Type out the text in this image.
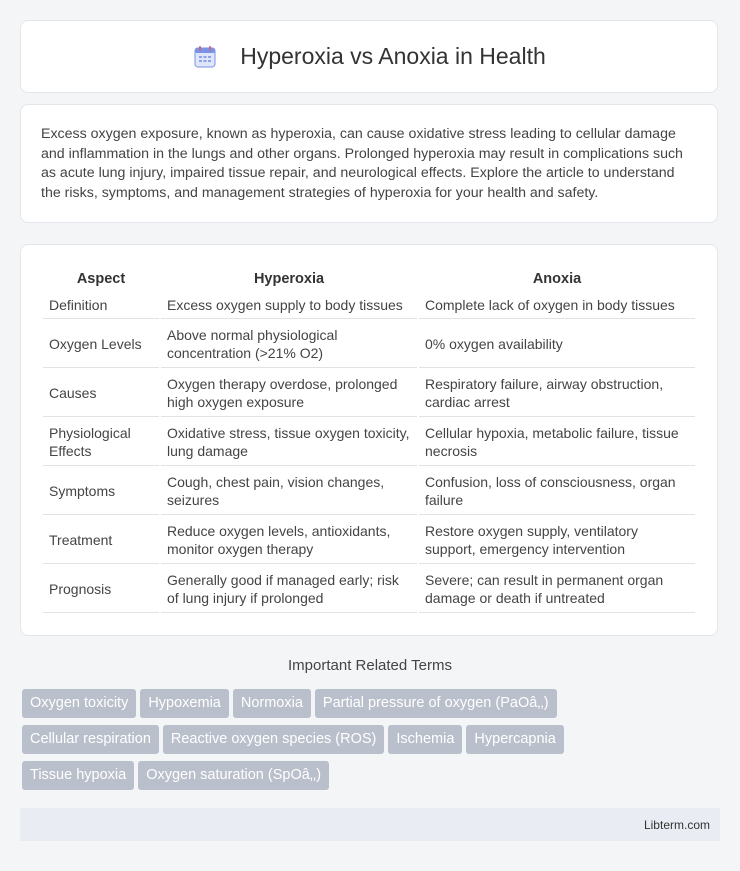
Hyperoxia vs Anoxia in Health

Excess oxygen exposure, known as hyperoxia, can cause oxidative stress leading to cellular damage and inflammation in the lungs and other organs. Prolonged hyperoxia may result in complications such as acute lung injury, impaired tissue repair, and neurological effects. Explore the article to understand the risks, symptoms, and management strategies of hyperoxia for your health and safety.

Aspect	Hyperoxia	Anoxia
Definition	Excess oxygen supply to body tissues	Complete lack of oxygen in body tissues
Oxygen Levels	Above normal physiological concentration (>21% O2)	0% oxygen availability
Causes	Oxygen therapy overdose, prolonged high oxygen exposure	Respiratory failure, airway obstruction, cardiac arrest
Physiological Effects	Oxidative stress, tissue oxygen toxicity, lung damage	Cellular hypoxia, metabolic failure, tissue necrosis
Symptoms	Cough, chest pain, vision changes, seizures	Confusion, loss of consciousness, organ failure
Treatment	Reduce oxygen levels, antioxidants, monitor oxygen therapy	Restore oxygen supply, ventilatory support, emergency intervention
Prognosis	Generally good if managed early; risk of lung injury if prolonged	Severe; can result in permanent organ damage or death if untreated
Important Related Terms
Oxygen toxicity Hypoxemia Normoxia Partial pressure of oxygen (PaOâ‚‚)
Cellular respiration Reactive oxygen species (ROS) Ischemia Hypercapnia
Tissue hypoxia Oxygen saturation (SpOâ‚‚)
Libterm.com
